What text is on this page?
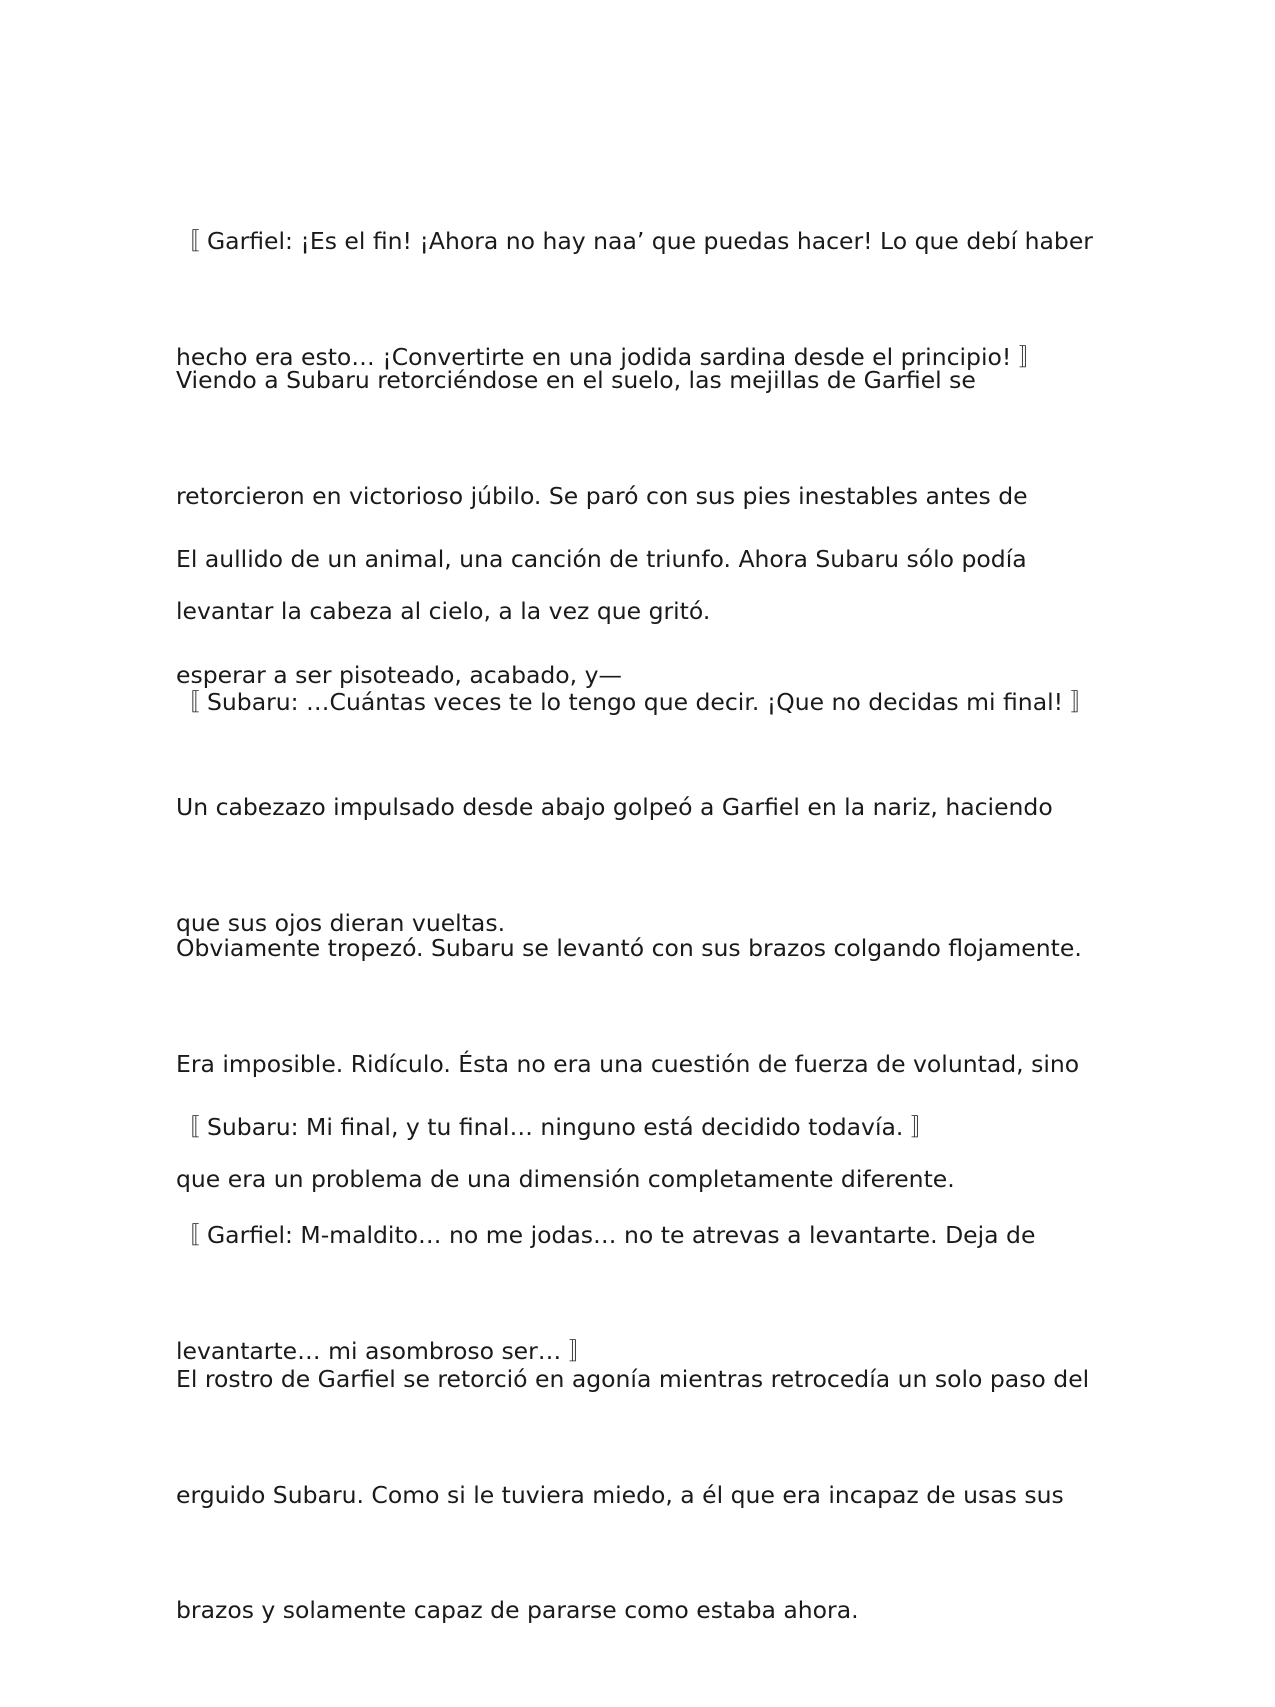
〚 Garfiel: ¡Es el fin! ¡Ahora no hay naa’ que puedas hacer! Lo que debí haber

hecho era esto… ¡Convertirte en una jodida sardina desde el principio! 〛

Viendo a Subaru retorciéndose en el suelo, las mejillas de Garfiel se

retorcieron en victorioso júbilo. Se paró con sus pies inestables antes de

levantar la cabeza al cielo, a la vez que gritó.

El aullido de un animal, una canción de triunfo. Ahora Subaru sólo podía

esperar a ser pisoteado, acabado, y—

〚 Subaru: …Cuántas veces te lo tengo que decir. ¡Que no decidas mi final! 〛

Un cabezazo impulsado desde abajo golpeó a Garfiel en la nariz, haciendo

que sus ojos dieran vueltas.

Obviamente tropezó. Subaru se levantó con sus brazos colgando flojamente.

Era imposible. Ridículo. Ésta no era una cuestión de fuerza de voluntad, sino

que era un problema de una dimensión completamente diferente.

〚 Subaru: Mi final, y tu final… ninguno está decidido todavía. 〛

〚 Garfiel: M-maldito… no me jodas… no te atrevas a levantarte. Deja de

levantarte… mi asombroso ser… 〛

El rostro de Garfiel se retorció en agonía mientras retrocedía un solo paso del

erguido Subaru. Como si le tuviera miedo, a él que era incapaz de usas sus

brazos y solamente capaz de pararse como estaba ahora.
